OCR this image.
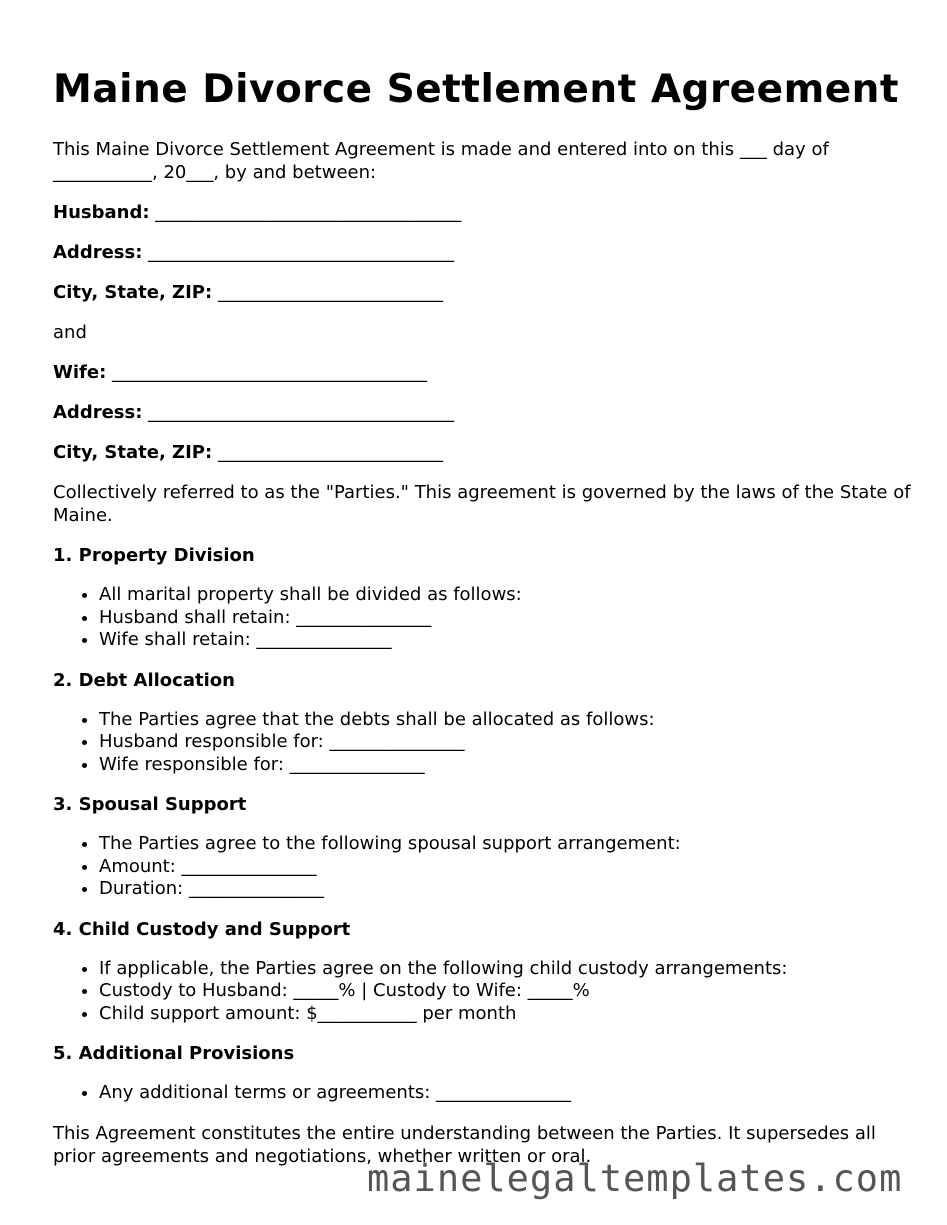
Maine Divorce Settlement Agreement

This Maine Divorce Settlement Agreement is made and entered into on this ___ day of ___________, 20___, by and between:

Husband: __________________________________

Address: __________________________________

City, State, ZIP: _________________________

and

Wife: ___________________________________

Address: __________________________________

City, State, ZIP: _________________________

Collectively referred to as the "Parties." This agreement is governed by the laws of the State of Maine.

1. Property Division
• All marital property shall be divided as follows:
• Husband shall retain: _______________
• Wife shall retain: _______________
2. Debt Allocation
• The Parties agree that the debts shall be allocated as follows:
• Husband responsible for: _______________
• Wife responsible for: _______________
3. Spousal Support
• The Parties agree to the following spousal support arrangement:
• Amount: _______________
• Duration: _______________
4. Child Custody and Support
• If applicable, the Parties agree on the following child custody arrangements:
• Custody to Husband: _____% | Custody to Wife: _____%
• Child support amount: $___________ per month
5. Additional Provisions
• Any additional terms or agreements: _______________

This Agreement constitutes the entire understanding between the Parties. It supersedes all prior agreements and negotiations, whether written or oral.

mainelegaltemplates.com
